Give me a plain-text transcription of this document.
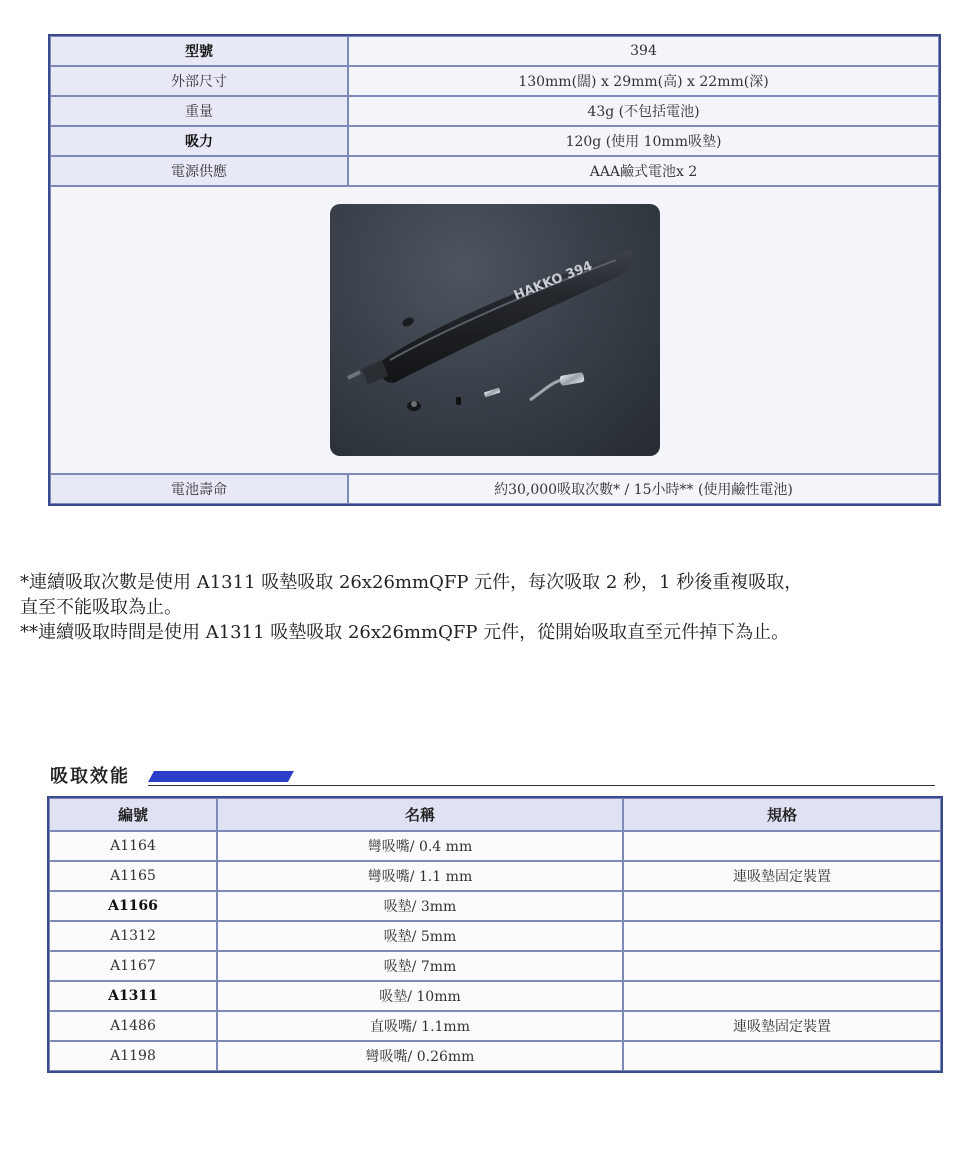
型號	394
外部尺寸	130mm(闊) x 29mm(高) x 22mm(深)
重量	43g (不包括電池)
吸力	120g (使用 10mm吸墊)
電源供應	AAA鹼式電池x 2

HAKKO 394	

電池壽命	約30,000吸取次數* / 15小時** (使用鹼性電池)

*連續吸取次數是使用 A1311 吸墊吸取 26x26mmQFP 元件，每次吸取 2 秒，1 秒後重複吸取，

直至不能吸取為止。

**連續吸取時間是使用 A1311 吸墊吸取 26x26mmQFP 元件，從開始吸取直至元件掉下為止。

吸取效能
編號	名稱	規格
A1164	彎吸嘴/ 0.4 mm	
A1165	彎吸嘴/ 1.1 mm	連吸墊固定裝置
A1166	吸墊/ 3mm	
A1312	吸墊/ 5mm	
A1167	吸墊/ 7mm	
A1311	吸墊/ 10mm	
A1486	直吸嘴/ 1.1mm	連吸墊固定裝置
A1198	彎吸嘴/ 0.26mm	
